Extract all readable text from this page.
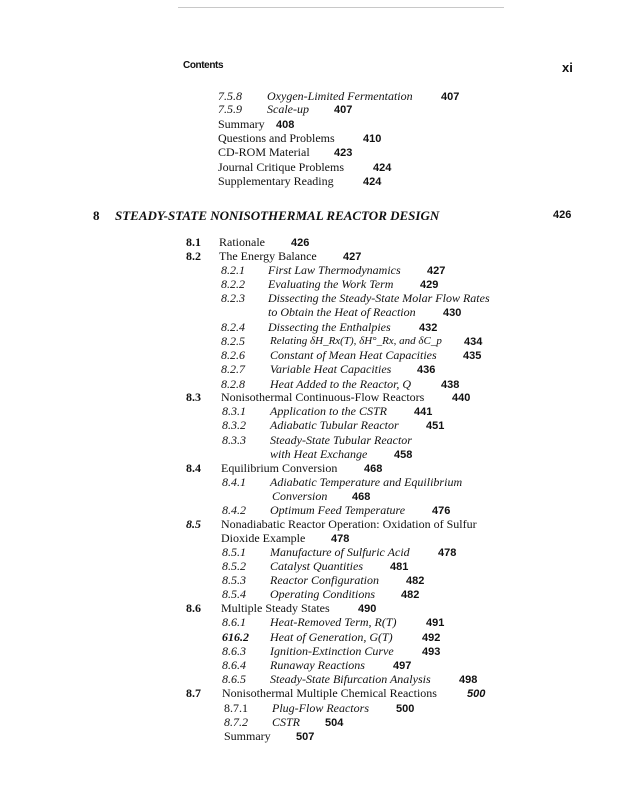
Contents	xi
7.5.8 Oxygen-Limited Fermentation	407
7.5.9 Scale-up 407
Summary 408
Questions and Problems	410
CD-ROM Material 423
Journal Critique Problems	424
Supplementary Reading	424
8 STEADY-STATE NONISOTHERMAL REACTOR DESIGN	426
8.1 Rationale 426
8.2 The Energy Balance 427
8.2.1 First Law Thermodynamics 427
8.2.2 Evaluating the Work Term 429
8.2.3 Dissecting the Steady-State Molar Flow Rates
to Obtain the Heat of Reaction 430
8.2.4 Dissecting the Enthalpies	432
8.2.5 Relating δH_Rx(T), δH°_Rx, and δC_p 434
8.2.6 Constant of Mean Heat Capacities 435
8.2.7 Variable Heat Capacities 436
8.2.8 Heat Added to the Reactor, Q	438
8.3 Nonisothermal Continuous-Flow Reactors	440
8.3.1 Application to the CSTR 441
8.3.2 Adiabatic Tubular Reactor 451
8.3.3 Steady-State Tubular Reactor
with Heat Exchange 458
8.4 Equilibrium Conversion 468
8.4.1 Adiabatic Temperature and Equilibrium
Conversion 468
8.4.2 Optimum Feed Temperature 476
8.5 Nonadiabatic Reactor Operation: Oxidation of Sulfur
Dioxide Example 478
8.5.1 Manufacture of Sulfuric Acid	478
8.5.2 Catalyst Quantities 481
8.5.3 Reactor Configuration 482
8.5.4 Operating Conditions 482
8.6 Multiple Steady States	490
8.6.1 Heat-Removed Term, R(T)	491
616.2 Heat of Generation, G(T)	492
8.6.3 Ignition-Extinction Curve	493
8.6.4 Runaway Reactions	497
8.6.5 Steady-State Bifurcation Analysis	498
8.7 Nonisothermal Multiple Chemical Reactions	500
8.7.1 Plug-Flow Reactors 500
8.7.2 CSTR 504
Summary 507
